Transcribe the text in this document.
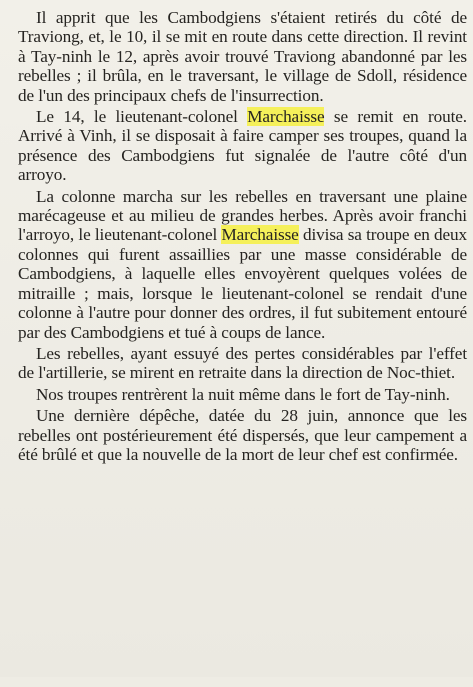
Il apprit que les Cambodgiens s'étaient retirés du côté de Traviong, et, le 10, il se mit en route dans cette direction. Il revint à Tay-ninh le 12, après avoir trouvé Traviong abandonné par les rebelles ; il brûla, en le traversant, le village de Sdoll, résidence de l'un des principaux chefs de l'insurrection.

Le 14, le lieutenant-colonel Marchaisse se remit en route. Arrivé à Vinh, il se disposait à faire camper ses troupes, quand la présence des Cambodgiens fut signalée de l'autre côté d'un arroyo.

La colonne marcha sur les rebelles en traversant une plaine marécageuse et au milieu de grandes herbes. Après avoir franchi l'arroyo, le lieutenant-colonel Marchaisse divisa sa troupe en deux colonnes qui furent assaillies par une masse considérable de Cambodgiens, à laquelle elles envoyèrent quelques volées de mitraille ; mais, lorsque le lieutenant-colonel se rendait d'une colonne à l'autre pour donner des ordres, il fut subitement entouré par des Cambodgiens et tué à coups de lance.

Les rebelles, ayant essuyé des pertes considérables par l'effet de l'artillerie, se mirent en retraite dans la direction de Noc-thiet.

Nos troupes rentrèrent la nuit même dans le fort de Tay-ninh.

Une dernière dépêche, datée du 28 juin, annonce que les rebelles ont postérieurement été dispersés, que leur campement a été brûlé et que la nouvelle de la mort de leur chef est confirmée.
